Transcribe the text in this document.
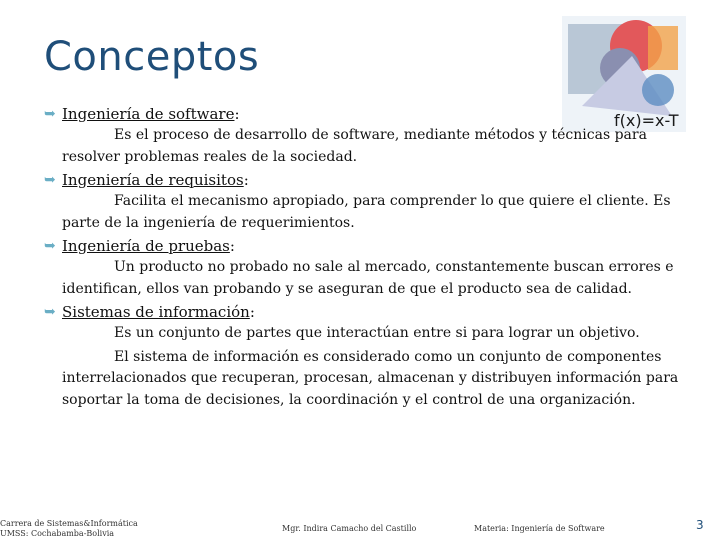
Conceptos
f(x)=x-T

➥ Ingeniería de software:

Es el proceso de desarrollo de software, mediante métodos y técnicas para resolver problemas reales de la sociedad.

➥ Ingeniería de requisitos:

Facilita el mecanismo apropiado, para comprender lo que quiere el cliente. Es parte de la ingeniería de requerimientos.

➥ Ingeniería de pruebas:

Un producto no probado no sale al mercado, constantemente buscan errores e identifican, ellos van probando y se aseguran de que el producto sea de calidad.

➥ Sistemas de información:

Es un conjunto de partes que interactúan entre si para lograr un objetivo.

El sistema de información es considerado como un conjunto de componentes interrelacionados que recuperan, procesan, almacenan y distribuyen información para soportar la toma de decisiones, la coordinación y el control de una organización.

Carrera de Sistemas&Informática
UMSS: Cochabamba-Bolivia
Mgr. Indira Camacho del Castillo	Materia: Ingeniería de Software	3
